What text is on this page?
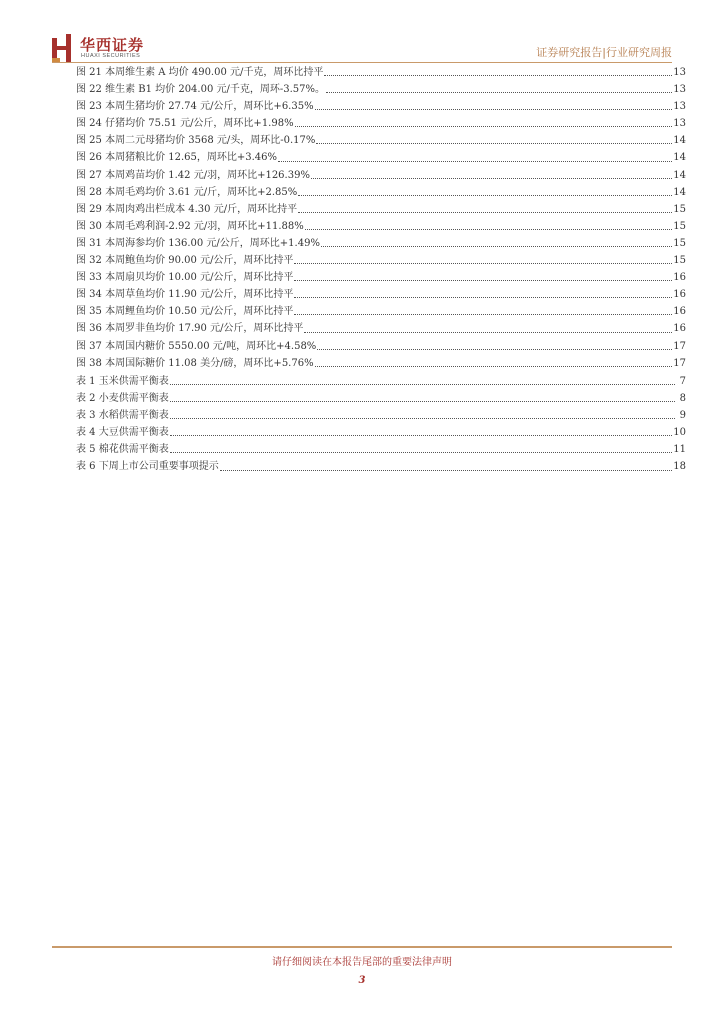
华西证券
HUAXI SECURITIES	证券研究报告|行业研究周报
图 21 本周维生素 A 均价 490.00 元/千克，周环比持平	13
图 22 维生素 B1 均价 204.00 元/千克，周环-3.57%。	13
图 23 本周生猪均价 27.74 元/公斤，周环比+6.35%	13
图 24 仔猪均价 75.51 元/公斤，周环比+1.98%	13
图 25 本周二元母猪均价 3568 元/头，周环比-0.17%	14
图 26 本周猪粮比价 12.65，周环比+3.46%	14
图 27 本周鸡苗均价 1.42 元/羽，周环比+126.39%	14
图 28 本周毛鸡均价 3.61 元/斤，周环比+2.85%	14
图 29 本周肉鸡出栏成本 4.30 元/斤，周环比持平	15
图 30 本周毛鸡利润-2.92 元/羽，周环比+11.88%	15
图 31 本周海参均价 136.00 元/公斤，周环比+1.49%	15
图 32 本周鲍鱼均价 90.00 元/公斤，周环比持平	15
图 33 本周扇贝均价 10.00 元/公斤，周环比持平	16
图 34 本周草鱼均价 11.90 元/公斤，周环比持平	16
图 35 本周鲤鱼均价 10.50 元/公斤，周环比持平	16
图 36 本周罗非鱼均价 17.90 元/公斤，周环比持平	16
图 37 本周国内糖价 5550.00 元/吨，周环比+4.58%	17
图 38 本周国际糖价 11.08 美分/磅，周环比+5.76%	17
表 1 玉米供需平衡表	7
表 2 小麦供需平衡表	8
表 3 水稻供需平衡表	9
表 4 大豆供需平衡表	10
表 5 棉花供需平衡表	11
表 6 下周上市公司重要事项提示	18
请仔细阅读在本报告尾部的重要法律声明
3
